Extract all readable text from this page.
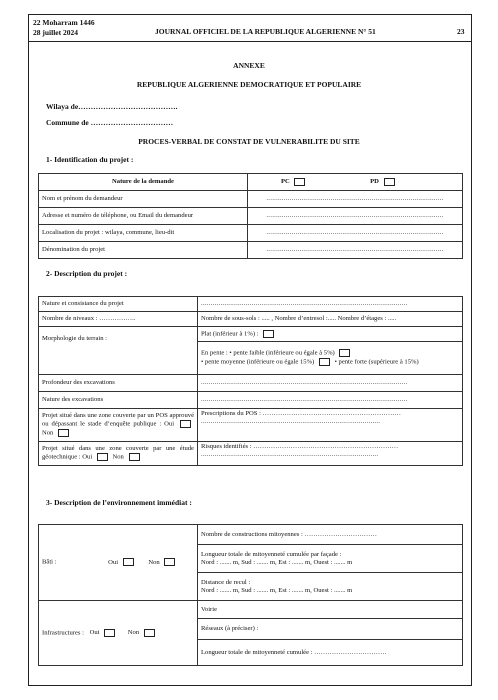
22 Moharram 1446
28 juillet 2024	JOURNAL OFFICIEL DE LA REPUBLIQUE ALGERIENNE N° 51	23
ANNEXE
REPUBLIQUE ALGERIENNE DEMOCRATIQUE ET POPULAIRE
Wilaya de………………………………….
Commune de ……………………………
PROCES-VERBAL DE CONSTAT DE VULNERABILITE DU SITE
1- Identification du projet :
Nature de la demande	PC PD
Nom et prénom du demandeur	...........................................................................................
Adresse et numéro de téléphone, ou Email du demandeur	...........................................................................................
Localisation du projet : wilaya, commune, lieu-dit	...........................................................................................
Dénomination du projet	...........................................................................................
2- Description du projet :
Nature et consistance du projet	..........................................................................................................
Nombre de niveaux : ……………..	Nombre de sous-sols : ..... , Nombre d’entresol :..... Nombre d’étages : .....
Morphologie du terrain :	Plat (inférieur à 1%) :
	En pente : • pente faible (inférieure ou égale à 5%)
• pente moyenne (inférieure ou égale 15%) • pente forte (supérieure à 15%)
Profondeur des excavations	..........................................................................................................
Nature des excavations	..........................................................................................................
Projet situé dans une zone couverte par un POS approuvé ou dépassant le stade d’enquête publique : Oui  Non	Prescriptions du POS : ………………………………………………………
............................................................................................

Projet situé dans une zone couverte par une étude géotechnique : Oui Non	Risques identifiés : …………………………………………………………
...........................................................................................
3- Description de l’environnement immédiat :
Bâti : Oui Non	Nombre de constructions mitoyennes : ……………………………

	Longueur totale de mitoyenneté cumulée par façade :
Nord : ....... m, Sud : ....... m, Est : ....... m, Ouest : ....... m

	Distance de recul :
Nord : ....... m, Sud : ....... m, Est : ....... m, Ouest : ....... m

Infrastructures : Oui Non	Voirie
	Réseaux (à préciser) :
	Longueur totale de mitoyenneté cumulée : ……………………………
